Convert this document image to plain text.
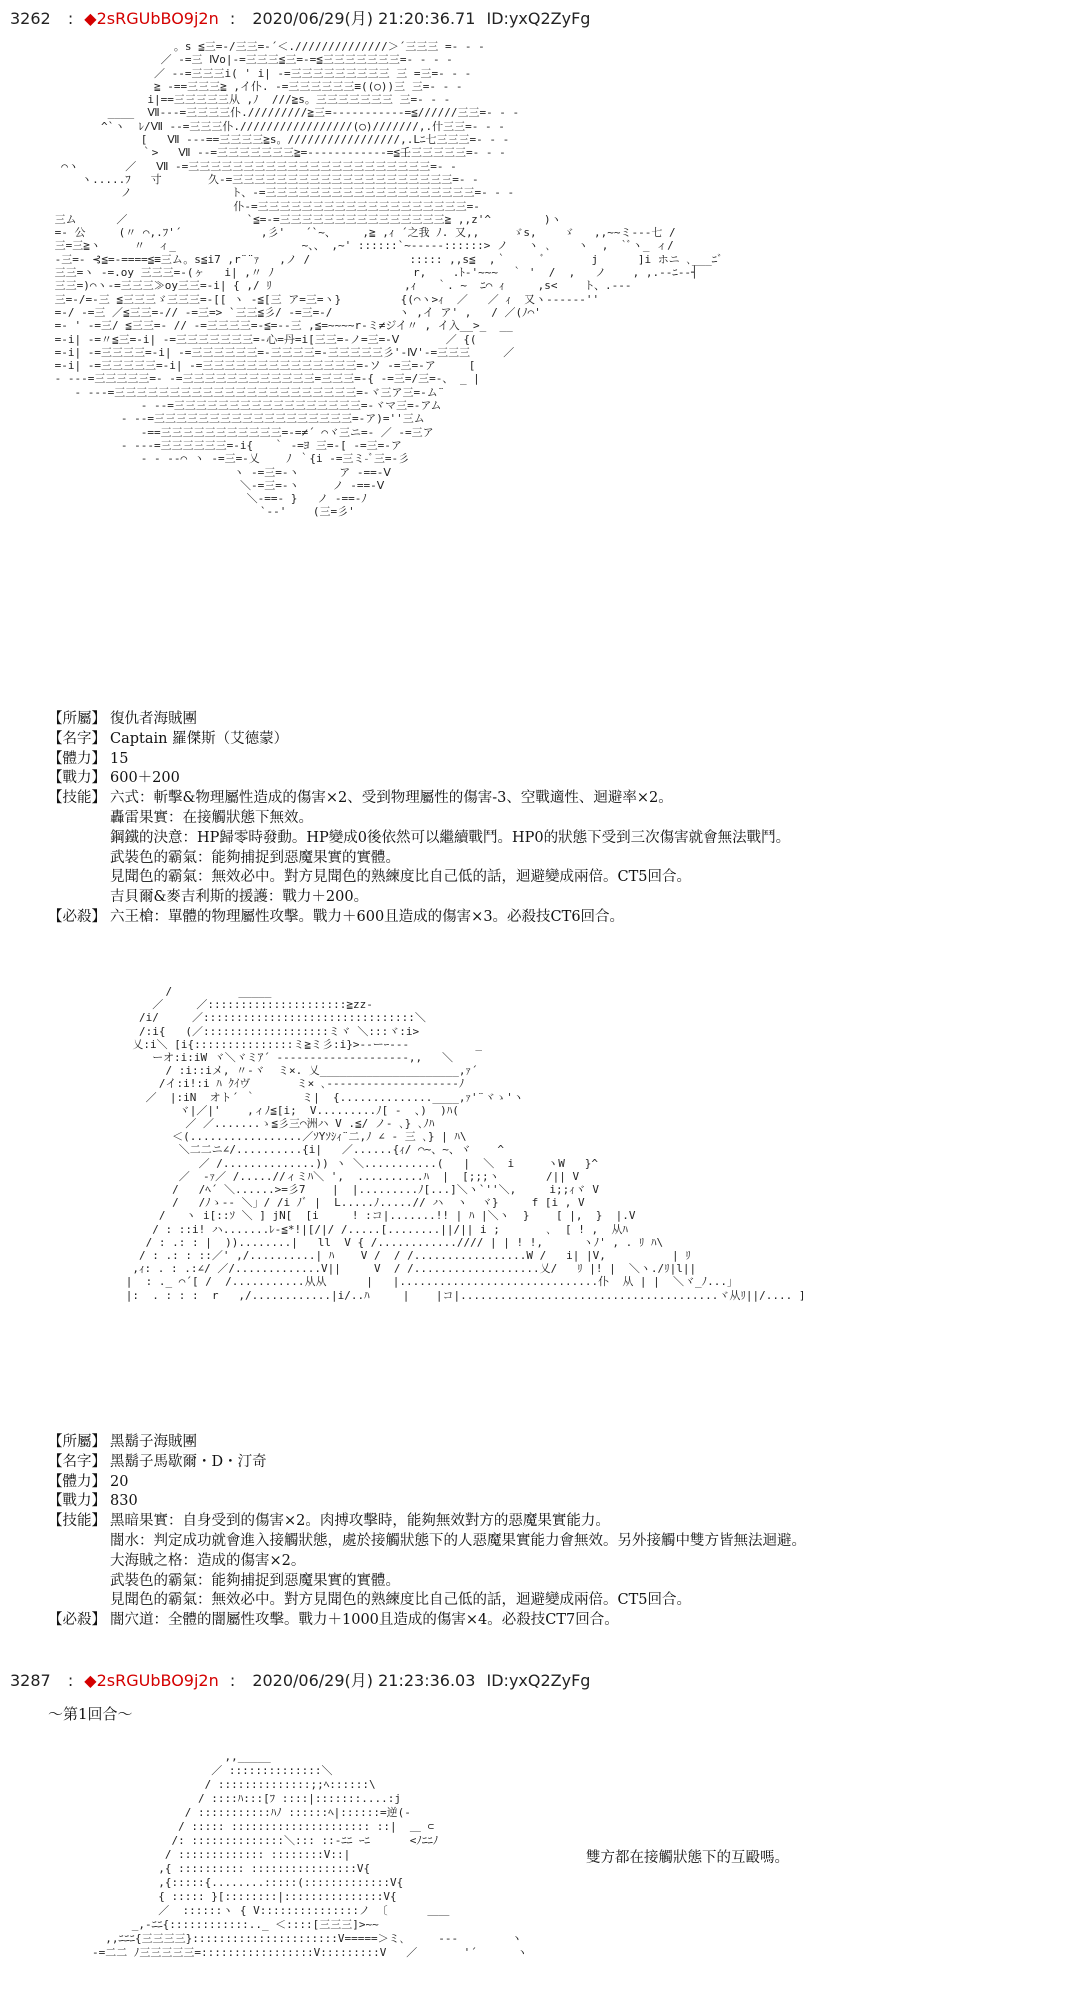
3262 : ◆2sRGUbBO9j2n : 2020/06/29(月) 21:20:36.71 ID:yxQ2ZyFg
。s ≦三=-/三三=-´＜.//////////////＞´三三三 =- - -
／ -=三 Ⅳo|-=三三三≦三=-=≦三三三三三三三=- - - -
／ --=三三三i( ' i| -=三三三三三三三三三 三 =三=- - -
≧ -==三三三≧ ,イ仆. -=三三三三三三≡((○))三 三=- - -
i|==三三三三三从 ,ﾉ  ///≧s。三三三三三三三 三=- - -
____  Ⅶ---=三三三三仆./////////≧三=-----------=≦//////三三=- - -
^`ヽ  ﾚ/Ⅶ --=三三三仆./////////////////(○)///////,.什三三=- - -
[   Ⅶ ---==三三三三≧s。/////////////////,.Lﾆ七三三三=- - -
｀>   Ⅶ --=三三三三三三三≧=------------=≦壬三三三三三=- - -
⌒ヽ       ／   Ⅶ -=三三三三三三三三三三三三三三三三三三三三三三=- -
ヽ.....ﾌ   寸       久-=三三三三三三三三三三三三三三三三三三三三=- -
ノ               ト、-=三三三三三三三三三三三三三三三三三三三=- - -
仆-=三三三三三三三三三三三三三三三三三三三=-
三ム      ／                  `≦=-=三三三三三三三三三三三三三三三≧ ,,z'^        )ヽ
=- 公     (〃 ⌒,.ﾌ'´            ,彡'   ´`~、    ,≧ ,ｨ ´之我 ﾉ. 又,,     ゞs,    ゞ   ,,~~ミ---七 /
三=三≧ヽ     〃  ィ_                   ~、、 ,~' ::::::`~-----::::::> ノ   ヽ ､    ヽ  ,  `ﾞヽ_ ィ/
-三=- ⊰≦=-====≦≡三ム。s≦i7 ,r¨¨ｧ   ,ノ /               ::::: ,,s≦  ,｀     ﾞ       j      ]i ホニ ､___ﾆﾞ
三三=ヽ -=.oy 三三三=-(ヶ   i| ,〃 ﾉ                     r,    .ﾄ-'~~~  ｀ '  /  ,   ノ    , ,.--ﾆ--┤
三三=)⌒ヽ-=三三三≫oy三三=-i| { ,/ ﾘ                    ,ｨ   ｀. ~  ﾆ⌒ ｨ     ,s<    ト、.---
三=-/=-三 ≦三三三ゞ三三三=-[[ ヽ -≦[三 ア=三=ヽ}         {(⌒ヽ>ｨ  ／   ／ ｨ  又ヽ------''
=-/ -=三 ／≦三三=-// -=三=> `三三≦彡/ -=三=-/          ヽ ,イ ア' ,   / ／(ﾉ⌒'
=- ' -=三/ ≦三三=- // -=三三三三=-≦=--三 ,≦=~~~~r-ミ≠ジイ〃 , イ入__>_  __
=-i| -=〃≦三=-i| -=三三三三三三三=-心=丹=i[三三=-ノ=三=-Ⅴ       ／ {(
=-i| -=三三三三=-i| -=三三三三三三=-三三三三=-三三三三三彡'-Ⅳ'-=三三三     ／
=-i| -=三三三三三=-i| -=三三三三三三三三三三三三三三=-ソ -=三=-ア     [
- ---=三三三三三=- -=三三三三三三三三三三三三=三三三=-{ -=三=/三=-、 _ |
- ---=三三三三三三三三三三三三三三三三三三三三三三=-ヾ三ア三=-ム¨
- --=三三三三三三三三三三三三三三三三三=-ヾマ三=-アム
- --=三三三三三三三三三三三三三三三三三三=-ア)=''三ム
-==三三三三三三三三三三三=-=≠´ ⌒ヾ三ニ=- ／ -=三ア
- ---=三三三三三三=-i{   ｀ -=ﾖ 三=-[ -=三=-ア
- - --⌒ ヽ -=三=-乂    ﾉ ｀{i -=三ミ-ﾞ三=-彡
ヽ -=三=-ヽ      ア -==-Ⅴ
＼-=三=-ヽ     ノ -==-Ⅴ
＼-==- }   ノ -==-ﾉ
`--'    (三=彡'
【所屬】 復仇者海賊團
【名字】 Captain 羅傑斯（艾德蒙）
【體力】 15
【戰力】 600＋200
【技能】 六式：斬擊&物理屬性造成的傷害×2、受到物理屬性的傷害-3、空戰適性、迴避率×2。
轟雷果實：在接觸狀態下無效。
鋼鐵的決意：HP歸零時發動。HP變成0後依然可以繼續戰鬥。HP0的狀態下受到三次傷害就會無法戰鬥。
武裝色的霸氣：能夠捕捉到惡魔果實的實體。
見聞色的霸氣：無效必中。對方見聞色的熟練度比自己低的話，迴避變成兩倍。CT5回合。
吉貝爾&麥吉利斯的援護：戰力＋200。
【必殺】 六王槍：單體的物理屬性攻擊。戰力＋600且造成的傷害×3。必殺技CT6回合。
/          _____
／     ／:::::::::::::::::::::≧zz-
/i/     ／::::::::::::::::::::::::::::::::＼
/:i{   (／:::::::::::::::::::ミヾ ＼:::ヾ:i>
乂:i＼ [i{:::::::::::::::ミ≧ミ彡:i}>--ーｰ---          _
ーオ:i:iW ヾ＼ヾミｱ´ ‐-------------------,,   ＼
/ :i::iメ, 〃-ヾ  ミ×. 乂_____________________,ｧ´
/イ:i!:i ﾊ ｸｲヴ       ミ× ､--------------------ﾉ
／  |:iN  オト´ ｀       ミ|  {..............____,ｧ'¨ヾゝ'ヽ
ヾ|／|'    ,ィﾉ≦[i;  V.........ﾉ[ -  、)  )ﾊ(
／ ／.......ゝ≦彡三⌒洲ハ V .≦/ ノ- ､} ､ﾉﾊ
＜(.................／ｿYｿｼｨ¨二,ﾉ ∠ - 三 ､} | ﾊ\
＼二二ニ∠/..........{i|   ／......{ｨ/ ⌒~、~、ヾ    ^
／ /..............)) ヽ ＼...........(   |  ＼  i     ヽW   }^
／  -ｧ／ /.....//ィミﾊ＼ ',  ..........ﾊ  |  [;;;ヽ       /|| V
/   /ﾍ´ ＼......>=彡7    |  |.........ﾉ[...]＼ヽ`''＼,     i;;ｨヾ V
/   /ﾉゝ-- ＼」/ /i ﾉﾞ |  L.....ﾉ.....// ハ  ヽ  ヾ}     f [i , V
/   ヽ i[::ｿ ＼ ] jN[  [i     ! :コ|.......!! | ﾊ |＼ヽ  }    [ |,  }  |.V
/ : ::i! ハ.......ﾚ-≦*!|[/|/ /.....[........||/|| i ;       ､  [ ! ,  从ﾊ
/ : .: : |  ))........|   ll  V { /............//// | | ! !,      ヽﾉ' , . ﾘ ﾊ\
/ : .: : ::／' ,/..........| ﾊ    V /  / /.................W /   i| |V,          | ﾘ
,ｨ: . : .:∠/ ／/.............V||     V  / /...................乂/   ﾘ |! |  ＼ヽ./ﾘ|l||
|  : ._ ⌒´[ /  /...........从从      |   |..............................仆  从 | |  ＼ヾ_ﾉ...」
|:  . : : :  r   ,/............|i/..ﾊ     |    |コ|.......................................ヾ从ﾘ||/.... ]
【所屬】 黑鬍子海賊團
【名字】 黑鬍子馬歇爾・D・汀奇
【體力】 20
【戰力】 830
【技能】 黑暗果實：自身受到的傷害×2。肉搏攻擊時，能夠無效對方的惡魔果實能力。
闇水：判定成功就會進入接觸狀態，處於接觸狀態下的人惡魔果實能力會無效。另外接觸中雙方皆無法迴避。
大海賊之格：造成的傷害×2。
武裝色的霸氣：能夠捕捉到惡魔果實的實體。
見聞色的霸氣：無效必中。對方見聞色的熟練度比自己低的話，迴避變成兩倍。CT5回合。
【必殺】 闇穴道：全體的闇屬性攻擊。戰力＋1000且造成的傷害×4。必殺技CT7回合。
3287 : ◆2sRGUbBO9j2n : 2020/06/29(月) 21:23:36.03 ID:yxQ2ZyFg
～第1回合～
,,_____
／ ::::::::::::::＼
/ ::::::::::::::;;ﾍ::::::\
/ ::::ﾊ:::[ﾌ ::::|:::::::....:j
/ :::::::::::ﾊﾉ ::::::ﾍ|::::::=逆(-
/ ::::: ::::::::::::::::::::: ::|  ＿ ⊂
/: ::::::::::::::＼::: ::-ﾆﾆ ｰﾆ      <ﾉﾆﾆﾉ
/ ::::::::::::: ::::::::V::|
,{ :::::::::: ::::::::::::::::V{
,{:::::{........:::::(:::::::::::::V{
{ ::::: }[::::::::|:::::::::::::::V{
／  ::::::ヽ { V:::::::::::::::ノ 〔      ＿＿
_,-ﾆﾆ{::::::::::::.._ ＜::::[三三三]>~~
,,ﾆﾆﾆ{三三三三}::::::::::::::::::::::V=====＞ミ､     ---        ヽ
-=二二 ﾉ三三三三三=:::::::::::::::::V:::::::::V   ／       '´      ヽ
雙方都在接觸狀態下的互毆嗎。
